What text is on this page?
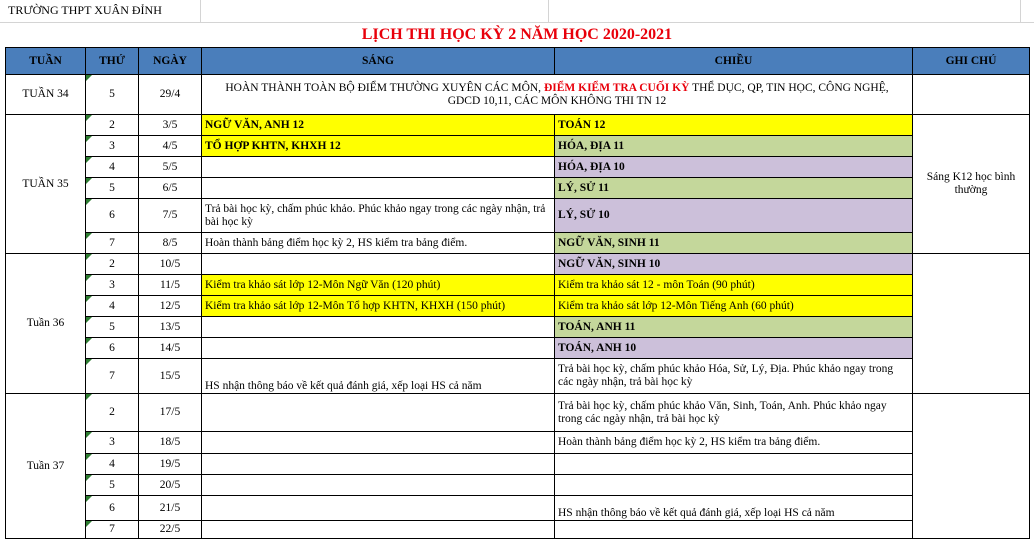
TRƯỜNG THPT XUÂN ĐỈNH
LỊCH THI HỌC KỲ 2 NĂM HỌC 2020-2021
TUẦN	THỨ	NGÀY	SÁNG	CHIỀU	GHI CHÚ
TUẦN 34	5	29/4	HOÀN THÀNH TOÀN BỘ ĐIỂM THƯỜNG XUYÊN CÁC MÔN, ĐIỂM KIỂM TRA CUỐI KỲ THỂ DỤC, QP, TIN HỌC, CÔNG NGHỆ,
GDCD 10,11, CÁC MÔN KHÔNG THI TN 12		
TUẦN 35	2	3/5	NGỮ VĂN, ANH 12	TOÁN 12	Sáng K12 học bình thường
	3	4/5	TỔ HỢP KHTN, KHXH 12	HÓA, ĐỊA 11	
	4	5/5		HÓA, ĐỊA 10	
	5	6/5		LÝ, SỬ 11	
	6	7/5	Trả bài học kỳ, chấm phúc khảo. Phúc khảo ngay trong các ngày nhận, trả bài học kỳ	LÝ, SỬ 10	
	7	8/5	Hoàn thành bảng điểm học kỳ 2, HS kiểm tra bảng điểm.	NGỮ VĂN, SINH 11	
Tuần 36	2	10/5		NGỮ VĂN, SINH 10	
	3	11/5	Kiểm tra khảo sát lớp 12-Môn Ngữ Văn (120 phút)	Kiểm tra khảo sát 12 - môn Toán (90 phút)	
	4	12/5	Kiểm tra khảo sát lớp 12-Môn Tổ hợp KHTN, KHXH (150 phút)	Kiểm tra khảo sát lớp 12-Môn Tiếng Anh (60 phút)	
	5	13/5		TOÁN, ANH 11	
	6	14/5		TOÁN, ANH 10	
	7	15/5	HS nhận thông báo về kết quả đánh giá, xếp loại HS cả năm	Trả bài học kỳ, chấm phúc khảo Hóa, Sử, Lý, Địa. Phúc khảo ngay trong các ngày nhận, trả bài học kỳ	
Tuần 37	2	17/5		Trả bài học kỳ, chấm phúc khảo Văn, Sinh, Toán, Anh. Phúc khảo ngay trong các ngày nhận, trả bài học kỳ	
	3	18/5		Hoàn thành bảng điểm học kỳ 2, HS kiểm tra bảng điểm.	
	4	19/5			
	5	20/5			
	6	21/5		HS nhận thông báo về kết quả đánh giá, xếp loại HS cả năm	
	7	22/5			
